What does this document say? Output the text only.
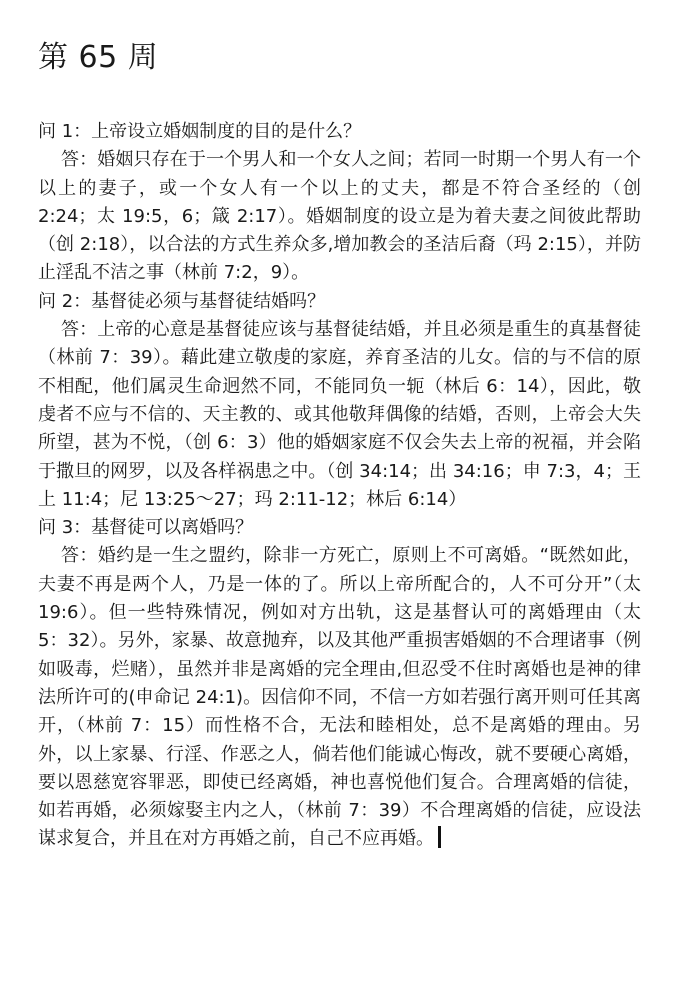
第 65 周

问 1：上帝设立婚姻制度的目的是什么？

答：婚姻只存在于一个男人和一个女人之间；若同一时期一个男人有一个以上的妻子，或一个女人有一个以上的丈夫，都是不符合圣经的（创 2:24；太 19:5，6；箴 2:17）。婚姻制度的设立是为着夫妻之间彼此帮助（创 2:18），以合法的方式生养众多,增加教会的圣洁后裔（玛 2:15），并防止淫乱不洁之事（林前 7:2，9）。

问 2：基督徒必须与基督徒结婚吗？

答：上帝的心意是基督徒应该与基督徒结婚，并且必须是重生的真基督徒（林前 7：39）。藉此建立敬虔的家庭，养育圣洁的儿女。信的与不信的原不相配，他们属灵生命迥然不同，不能同负一轭（林后 6：14），因此，敬虔者不应与不信的、天主教的、或其他敬拜偶像的结婚，否则，上帝会大失所望，甚为不悦，（创 6：3）他的婚姻家庭不仅会失去上帝的祝福，并会陷于撒旦的网罗，以及各样祸患之中。（创 34:14；出 34:16；申 7:3，4；王上 11:4；尼 13:25～27；玛 2:11-12；林后 6:14）

问 3：基督徒可以离婚吗？

答：婚约是一生之盟约，除非一方死亡，原则上不可离婚。“既然如此，夫妻不再是两个人，乃是一体的了。所以上帝所配合的，人不可分开”（太 19:6）。但一些特殊情况，例如对方出轨，这是基督认可的离婚理由（太 5：32）。另外，家暴、故意抛弃，以及其他严重损害婚姻的不合理诸事（例如吸毒，烂赌），虽然并非是离婚的完全理由,但忍受不住时离婚也是神的律法所许可的(申命记 24:1)。因信仰不同，不信一方如若强行离开则可任其离开，（林前 7：15）而性格不合，无法和睦相处，总不是离婚的理由。另外，以上家暴、行淫、作恶之人，倘若他们能诚心悔改，就不要硬心离婚，要以恩慈宽容罪恶，即使已经离婚，神也喜悦他们复合。合理离婚的信徒，如若再婚，必须嫁娶主内之人，（林前 7：39）不合理离婚的信徒，应设法谋求复合，并且在对方再婚之前，自己不应再婚。
